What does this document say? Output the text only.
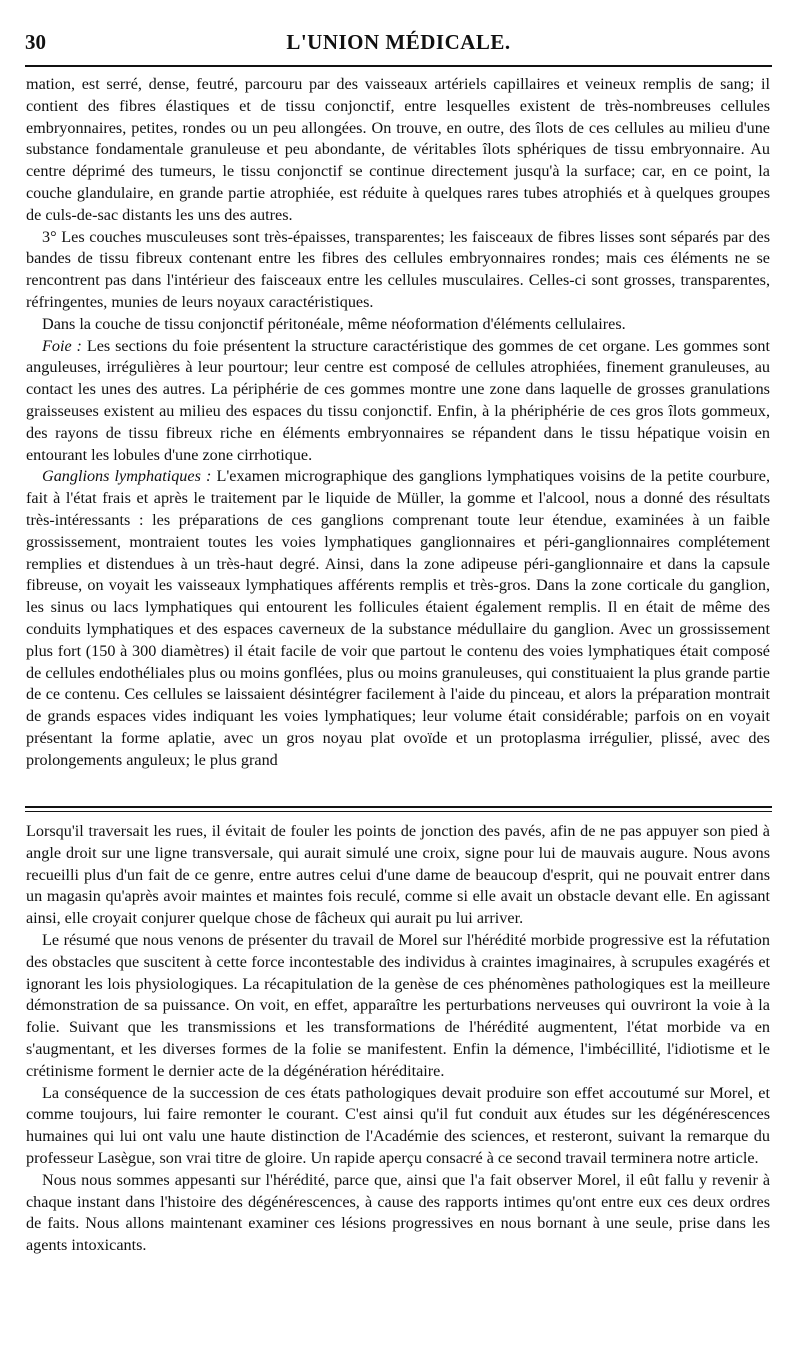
30	L'UNION MÉDICALE.

mation, est serré, dense, feutré, parcouru par des vaisseaux artériels capillaires et veineux remplis de sang; il contient des fibres élastiques et de tissu conjonctif, entre lesquelles existent de très-nombreuses cellules embryonnaires, petites, rondes ou un peu allongées. On trouve, en outre, des îlots de ces cellules au milieu d'une substance fondamentale granuleuse et peu abondante, de véritables îlots sphériques de tissu embryonnaire. Au centre déprimé des tumeurs, le tissu conjonctif se continue directement jusqu'à la surface; car, en ce point, la couche glandulaire, en grande partie atrophiée, est réduite à quelques rares tubes atrophiés et à quelques groupes de culs-de-sac distants les uns des autres.

3° Les couches musculeuses sont très-épaisses, transparentes; les faisceaux de fibres lisses sont séparés par des bandes de tissu fibreux contenant entre les fibres des cellules embryonnaires rondes; mais ces éléments ne se rencontrent pas dans l'intérieur des faisceaux entre les cellules musculaires. Celles-ci sont grosses, transparentes, réfringentes, munies de leurs noyaux caractéristiques.

Dans la couche de tissu conjonctif péritonéale, même néoformation d'éléments cellulaires.

Foie : Les sections du foie présentent la structure caractéristique des gommes de cet organe. Les gommes sont anguleuses, irrégulières à leur pourtour; leur centre est composé de cellules atrophiées, finement granuleuses, au contact les unes des autres. La périphérie de ces gommes montre une zone dans laquelle de grosses granulations graisseuses existent au milieu des espaces du tissu conjonctif. Enfin, à la phériphérie de ces gros îlots gommeux, des rayons de tissu fibreux riche en éléments embryonnaires se répandent dans le tissu hépatique voisin en entourant les lobules d'une zone cirrhotique.

Ganglions lymphatiques : L'examen micrographique des ganglions lymphatiques voisins de la petite courbure, fait à l'état frais et après le traitement par le liquide de Müller, la gomme et l'alcool, nous a donné des résultats très-intéressants : les préparations de ces ganglions comprenant toute leur étendue, examinées à un faible grossissement, montraient toutes les voies lymphatiques ganglionnaires et péri-ganglionnaires complétement remplies et distendues à un très-haut degré. Ainsi, dans la zone adipeuse péri-ganglionnaire et dans la capsule fibreuse, on voyait les vaisseaux lymphatiques afférents remplis et très-gros. Dans la zone corticale du ganglion, les sinus ou lacs lymphatiques qui entourent les follicules étaient également remplis. Il en était de même des conduits lymphatiques et des espaces caverneux de la substance médullaire du ganglion. Avec un grossissement plus fort (150 à 300 diamètres) il était facile de voir que partout le contenu des voies lymphatiques était composé de cellules endothéliales plus ou moins gonflées, plus ou moins granuleuses, qui constituaient la plus grande partie de ce contenu. Ces cellules se laissaient désintégrer facilement à l'aide du pinceau, et alors la préparation montrait de grands espaces vides indiquant les voies lymphatiques; leur volume était considérable; parfois on en voyait présentant la forme aplatie, avec un gros noyau plat ovoïde et un protoplasma irrégulier, plissé, avec des prolongements anguleux; le plus grand

Lorsqu'il traversait les rues, il évitait de fouler les points de jonction des pavés, afin de ne pas appuyer son pied à angle droit sur une ligne transversale, qui aurait simulé une croix, signe pour lui de mauvais augure. Nous avons recueilli plus d'un fait de ce genre, entre autres celui d'une dame de beaucoup d'esprit, qui ne pouvait entrer dans un magasin qu'après avoir maintes et maintes fois reculé, comme si elle avait un obstacle devant elle. En agissant ainsi, elle croyait conjurer quelque chose de fâcheux qui aurait pu lui arriver.

Le résumé que nous venons de présenter du travail de Morel sur l'hérédité morbide progressive est la réfutation des obstacles que suscitent à cette force incontestable des individus à craintes imaginaires, à scrupules exagérés et ignorant les lois physiologiques. La récapitulation de la genèse de ces phénomènes pathologiques est la meilleure démonstration de sa puissance. On voit, en effet, apparaître les perturbations nerveuses qui ouvriront la voie à la folie. Suivant que les transmissions et les transformations de l'hérédité augmentent, l'état morbide va en s'augmentant, et les diverses formes de la folie se manifestent. Enfin la démence, l'imbécillité, l'idiotisme et le crétinisme forment le dernier acte de la dégénération héréditaire.

La conséquence de la succession de ces états pathologiques devait produire son effet accoutumé sur Morel, et comme toujours, lui faire remonter le courant. C'est ainsi qu'il fut conduit aux études sur les dégénérescences humaines qui lui ont valu une haute distinction de l'Académie des sciences, et resteront, suivant la remarque du professeur Lasègue, son vrai titre de gloire. Un rapide aperçu consacré à ce second travail terminera notre article.

Nous nous sommes appesanti sur l'hérédité, parce que, ainsi que l'a fait observer Morel, il eût fallu y revenir à chaque instant dans l'histoire des dégénérescences, à cause des rapports intimes qu'ont entre eux ces deux ordres de faits. Nous allons maintenant examiner ces lésions progressives en nous bornant à une seule, prise dans les agents intoxicants.
